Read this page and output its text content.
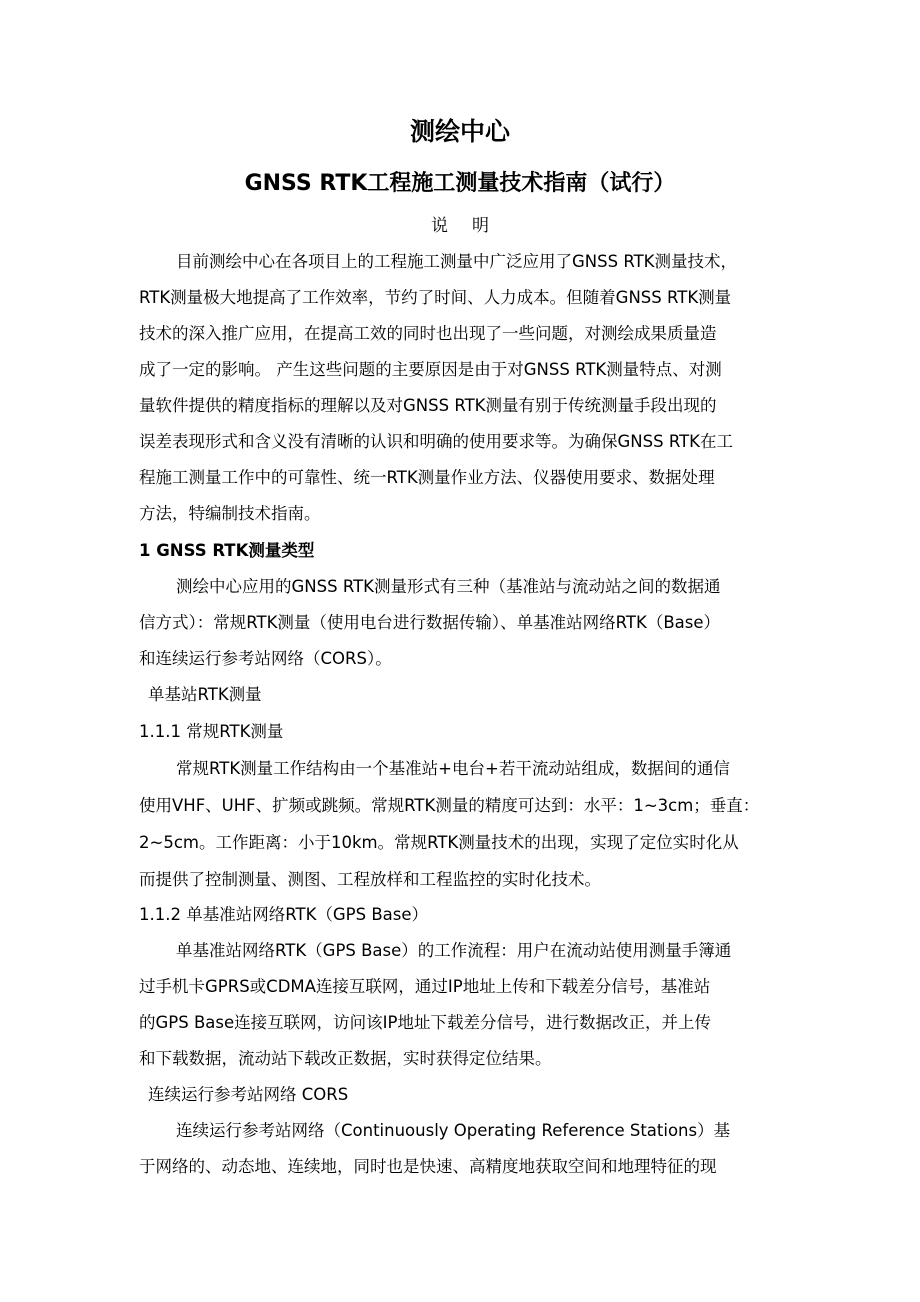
测绘中心
GNSS RTK工程施工测量技术指南（试行）
说明
目前测绘中心在各项目上的工程施工测量中广泛应用了GNSS RTK测量技术，
RTK测量极大地提高了工作效率，节约了时间、人力成本。但随着GNSS RTK测量
技术的深入推广应用，在提高工效的同时也出现了一些问题，对测绘成果质量造
成了一定的影响。 产生这些问题的主要原因是由于对GNSS RTK测量特点、对测
量软件提供的精度指标的理解以及对GNSS RTK测量有别于传统测量手段出现的
误差表现形式和含义没有清晰的认识和明确的使用要求等。为确保GNSS RTK在工
程施工测量工作中的可靠性、统一RTK测量作业方法、仪器使用要求、数据处理
方法，特编制技术指南。
1 GNSS RTK测量类型
测绘中心应用的GNSS RTK测量形式有三种（基准站与流动站之间的数据通
信方式）：常规RTK测量（使用电台进行数据传输）、单基准站网络RTK（Base）
和连续运行参考站网络（CORS）。
单基站RTK测量
1.1.1 常规RTK测量
常规RTK测量工作结构由一个基准站+电台+若干流动站组成，数据间的通信
使用VHF、UHF、扩频或跳频。常规RTK测量的精度可达到：水平：1~3cm；垂直：
2~5cm。工作距离：小于10km。常规RTK测量技术的出现，实现了定位实时化从
而提供了控制测量、测图、工程放样和工程监控的实时化技术。
1.1.2 单基准站网络RTK（GPS Base）
单基准站网络RTK（GPS Base）的工作流程：用户在流动站使用测量手簿通
过手机卡GPRS或CDMA连接互联网，通过IP地址上传和下载差分信号，基准站
的GPS Base连接互联网，访问该IP地址下载差分信号，进行数据改正，并上传
和下载数据，流动站下载改正数据，实时获得定位结果。
连续运行参考站网络 CORS
连续运行参考站网络（Continuously Operating Reference Stations）基
于网络的、动态地、连续地，同时也是快速、高精度地获取空间和地理特征的现
